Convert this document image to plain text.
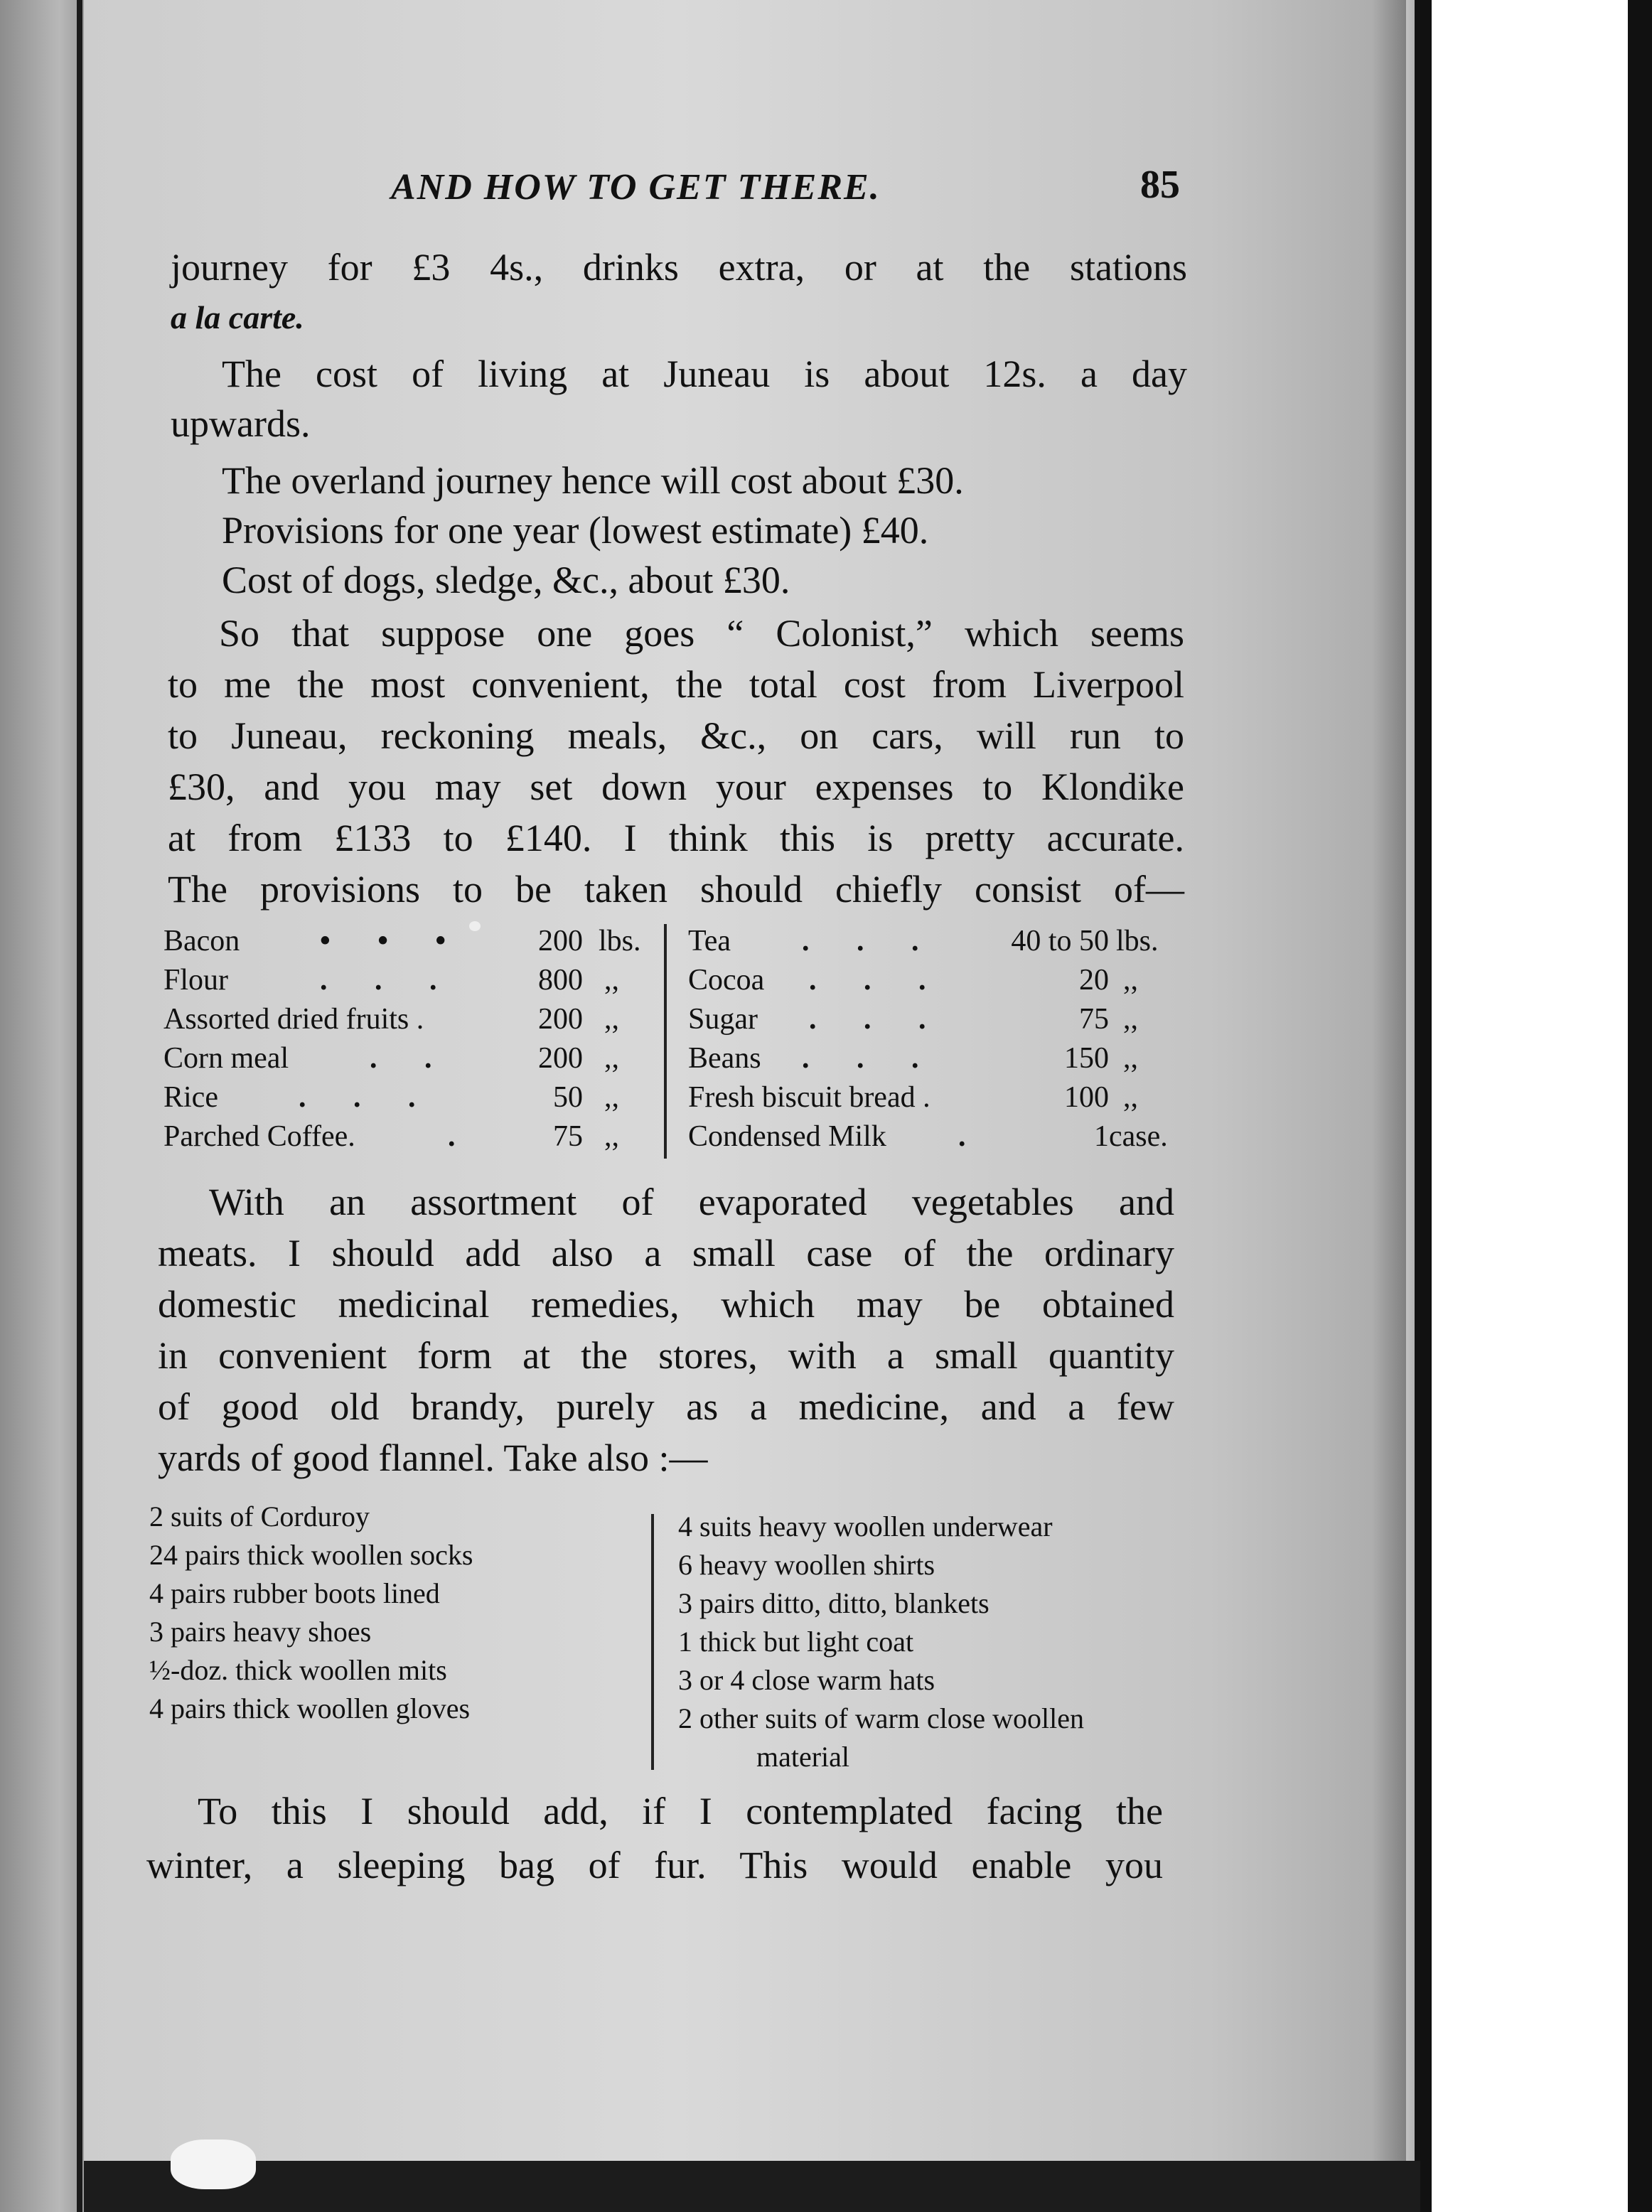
AND HOW TO GET THERE.	85

journey for £3 4s., drinks extra, or at the stations

a la carte.

The cost of living at Juneau is about 12s. a day

upwards.

The overland journey hence will cost about £30.

Provisions for one year (lowest estimate) £40.

Cost of dogs, sledge, &c., about £30.

So that suppose one goes “ Colonist,” which seems

to me the most convenient, the total cost from Liverpool

to Juneau, reckoning meals, &c., on cars, will run to

£30, and you may set down your expenses to Klondike

at from £133 to £140. I think this is pretty accurate.

The provisions to be taken should chiefly consist of—

Bacon	• • •	200 lbs.
Flour	. . .	800 ,,
Assorted dried fruits .	200 ,,
Corn meal	. .	200 ,,
Rice	. . .	50 ,,
Parched Coffee.	.	75 ,,
Tea . . .	40 to 50 lbs.
Cocoa . . .	20 ,,
Sugar . . .	75 ,,
Beans . . .	150 ,,
Fresh biscuit bread .	100 ,,
Condensed Milk .	1 case.

With an assortment of evaporated vegetables and

meats. I should add also a small case of the ordinary

domestic medicinal remedies, which may be obtained

in convenient form at the stores, with a small quantity

of good old brandy, purely as a medicine, and a few

yards of good flannel. Take also :—

2 suits of Corduroy
24 pairs thick woollen socks
4 pairs rubber boots lined
3 pairs heavy shoes
½-doz. thick woollen mits
4 pairs thick woollen gloves
4 suits heavy woollen underwear
6 heavy woollen shirts
3 pairs ditto, ditto, blankets
1 thick but light coat
3 or 4 close warm hats
2 other suits of warm close woollen
material

To this I should add, if I contemplated facing the

winter, a sleeping bag of fur. This would enable you
